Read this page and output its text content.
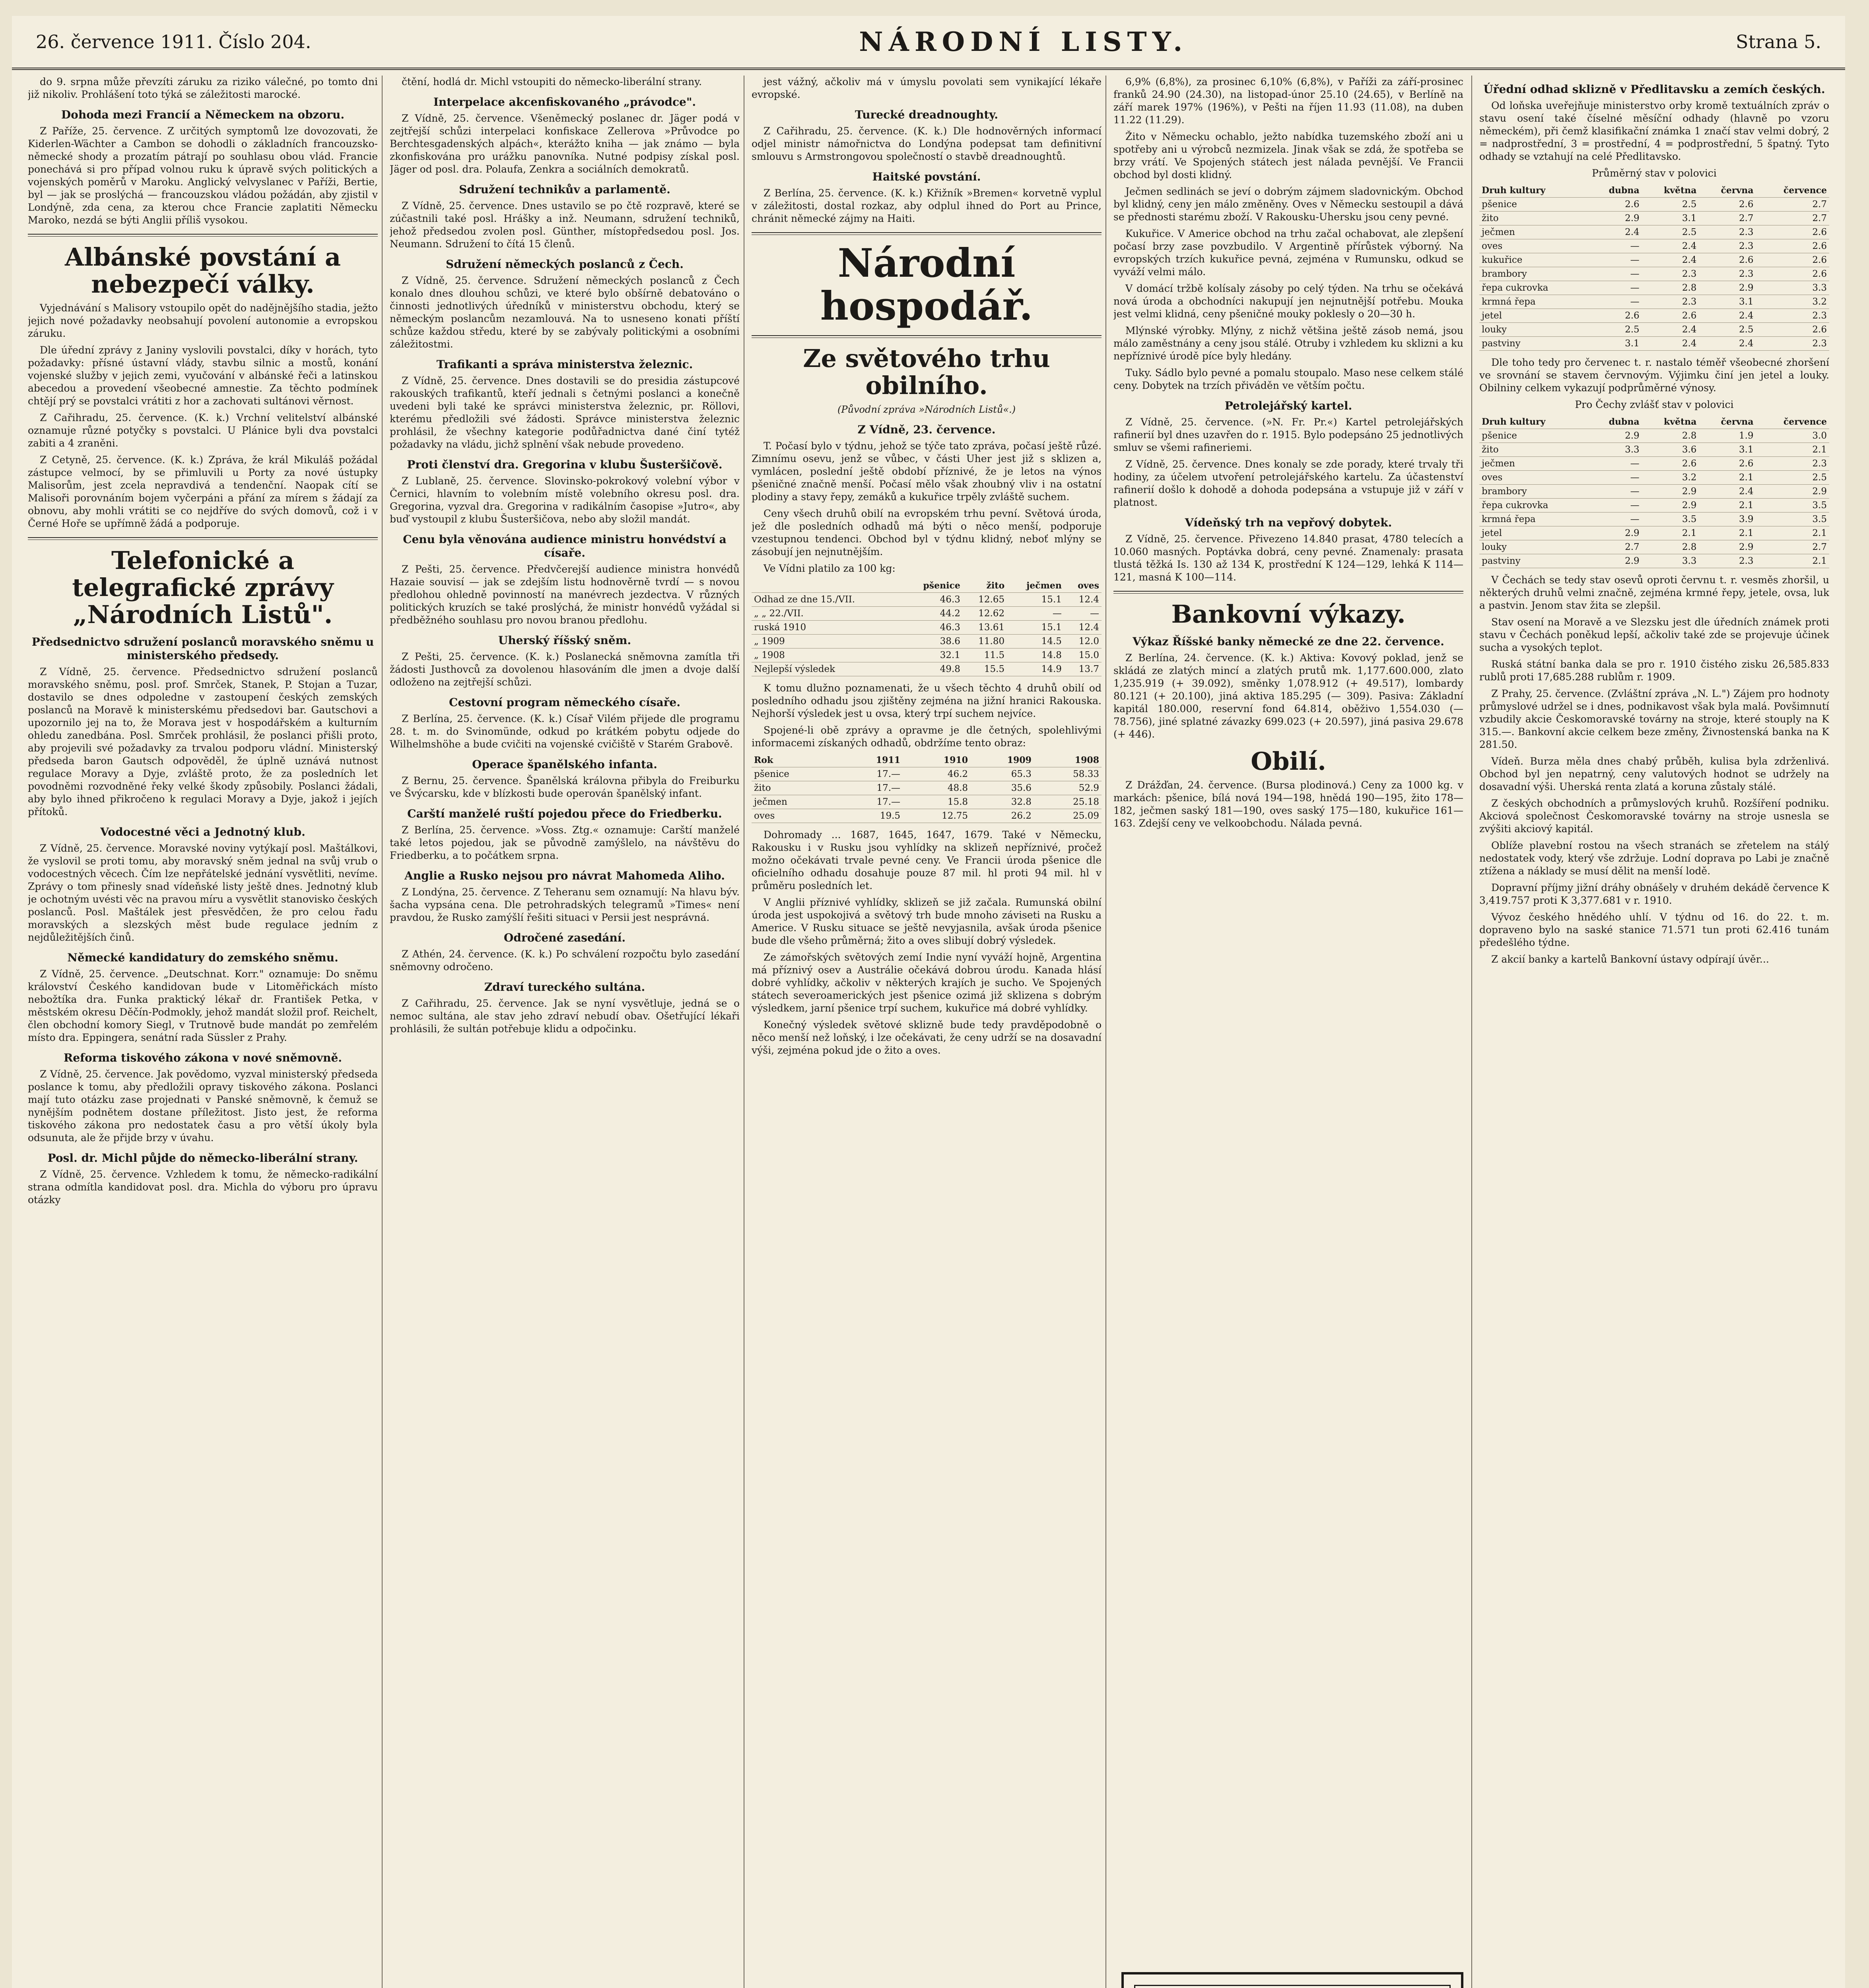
26. července 1911. Číslo 204.	NÁRODNÍ LISTY.	Strana 5.

do 9. srpna může převzíti záruku za riziko válečné, po tomto dni již nikoliv. Prohlášení toto týká se záležitosti marocké.

Dohoda mezi Francií a Německem na obzoru.

Z Paříže, 25. července. Z určitých symptomů lze dovozovati, že Kiderlen-Wächter a Cambon se dohodli o základních francouzsko-německé shody a prozatím pátrají po souhlasu obou vlád. Francie ponechává si pro případ volnou ruku k úpravě svých politických a vojenských poměrů v Maroku. Anglický velvyslanec v Paříži, Bertie, byl — jak se proslýchá — francouzskou vládou požádán, aby zjistil v Londýně, zda cena, za kterou chce Francie zaplatiti Německu Maroko, nezdá se býti Anglii příliš vysokou.

Albánské povstání a nebezpečí války.

Vyjednávání s Malisory vstoupilo opět do nadějnějšího stadia, ježto jejich nové požadavky neobsahují povolení autonomie a evropskou záruku.

Dle úřední zprávy z Janiny vyslovili povstalci, díky v horách, tyto požadavky: přísné ústavní vlády, stavbu silnic a mostů, konání vojenské služby v jejich zemi, vyučování v albánské řeči a latinskou abecedou a provedení všeobecné amnestie. Za těchto podmínek chtějí prý se povstalci vrátiti z hor a zachovati sultánovi věrnost.

Z Cařihradu, 25. července. (K. k.) Vrchní velitelství albánské oznamuje různé potyčky s povstalci. U Plánice byli dva povstalci zabiti a 4 zraněni.

Z Cetyně, 25. července. (K. k.) Zpráva, že král Mikuláš požádal zástupce velmocí, by se přimluvili u Porty za nové ústupky Malisorům, jest zcela nepravdivá a tendenční. Naopak cítí se Malisoři porovnáním bojem vyčerpáni a přání za mírem s žádají za obnovu, aby mohli vrátiti se co nejdříve do svých domovů, což i v Černé Hoře se upřímně žádá a podporuje.

Telefonické a telegrafické zprávy „Národních Listů".
Předsednictvo sdružení poslanců moravského sněmu u ministerského předsedy.

Z Vídně, 25. července. Předsednictvo sdružení poslanců moravského sněmu, posl. prof. Smrček, Stanek, P. Stojan a Tuzar, dostavilo se dnes odpoledne v zastoupení českých zemských poslanců na Moravě k ministerskému předsedovi bar. Gautschovi a upozornilo jej na to, že Morava jest v hospodářském a kulturním ohledu zanedbána. Posl. Smrček prohlásil, že poslanci přišli proto, aby projevili své požadavky za trvalou podporu vládní. Ministerský předseda baron Gautsch odpověděl, že úplně uznává nutnost regulace Moravy a Dyje, zvláště proto, že za posledních let povodněmi rozvodněné řeky velké škody způsobily. Poslanci žádali, aby bylo ihned přikročeno k regulaci Moravy a Dyje, jakož i jejích přítoků.

Vodocestné věci a Jednotný klub.

Z Vídně, 25. července. Moravské noviny vytýkají posl. Maštálkovi, že vyslovil se proti tomu, aby moravský sněm jednal na svůj vrub o vodocestných věcech. Čím lze nepřátelské jednání vysvětliti, nevíme. Zprávy o tom přinesly snad vídeňské listy ještě dnes. Jednotný klub je ochotným uvésti věc na pravou míru a vysvětlit stanovisko českých poslanců. Posl. Maštálek jest přesvědčen, že pro celou řadu moravských a slezských měst bude regulace jedním z nejdůležitějších činů.

Německé kandidatury do zemského sněmu.

Z Vídně, 25. července. „Deutschnat. Korr." oznamuje: Do sněmu království Českého kandidovan bude v Litoměřickách místo nebožtíka dra. Funka praktický lékař dr. František Petka, v městském okresu Děčín-Podmokly, jehož mandát složil prof. Reichelt, člen obchodní komory Siegl, v Trutnově bude mandát po zemřelém místo dra. Eppingera, senátní rada Süssler z Prahy.

Reforma tiskového zákona v nové sněmovně.

Z Vídně, 25. července. Jak povědomo, vyzval ministerský předseda poslance k tomu, aby předložili opravy tiskového zákona. Poslanci mají tuto otázku zase projednati v Panské sněmovně, k čemuž se nynějším podnětem dostane příležitost. Jisto jest, že reforma tiskového zákona pro nedostatek času a pro větší úkoly byla odsunuta, ale že přijde brzy v úvahu.

Posl. dr. Michl půjde do německo-liberální strany.

Z Vídně, 25. července. Vzhledem k tomu, že německo-radikální strana odmítla kandidovat posl. dra. Michla do výboru pro úpravu otázky

čtění, hodlá dr. Michl vstoupiti do německo-liberální strany.

Interpelace akcenfiskovaného „právodce".

Z Vídně, 25. července. Všeněmecký poslanec dr. Jäger podá v zejtřejší schůzi interpelaci konfiskace Zellerova »Průvodce po Berchtesgadenských alpách«, kterážto kniha — jak známo — byla zkonfiskována pro urážku panovníka. Nutné podpisy získal posl. Jäger od posl. dra. Polaufa, Zenkra a sociálních demokratů.

Sdružení technikův a parlamentě.

Z Vídně, 25. července. Dnes ustavilo se po čtě rozpravě, které se zúčastnili také posl. Hrášky a inž. Neumann, sdružení techniků, jehož předsedou zvolen posl. Günther, místopředsedou posl. Jos. Neumann. Sdružení to čítá 15 členů.

Sdružení německých poslanců z Čech.

Z Vídně, 25. července. Sdružení německých poslanců z Čech konalo dnes dlouhou schůzi, ve které bylo obšírně debatováno o činnosti jednotlivých úředníků v ministerstvu obchodu, který se německým poslancům nezamlouvá. Na to usneseno konati příští schůze každou středu, které by se zabývaly politickými a osobními záležitostmi.

Trafikanti a správa ministerstva železnic.

Z Vídně, 25. července. Dnes dostavili se do presidia zástupcové rakouských trafikantů, kteří jednali s četnými poslanci a konečně uvedeni byli také ke správci ministerstva železnic, pr. Röllovi, kterému předložili své žádosti. Správce ministerstva železnic prohlásil, že všechny kategorie podůřadnictva dané činí tytéž požadavky na vládu, jichž splnění však nebude provedeno.

Proti členství dra. Gregorina v klubu Šusteršičově.

Z Lublaně, 25. července. Slovinsko-pokrokový volební výbor v Černici, hlavním to volebním místě volebního okresu posl. dra. Gregorina, vyzval dra. Gregorina v radikálním časopise »Jutro«, aby buď vystoupil z klubu Šusteršičova, nebo aby složil mandát.

Cenu byla věnována audience ministru honvédství a císaře.

Z Pešti, 25. července. Předvčerejší audience ministra honvédů Hazaie souvisí — jak se zdejším listu hodnověrně tvrdí — s novou předlohou ohledně povinností na manévrech jezdectva. V různých politických kruzích se také proslýchá, že ministr honvédů vyžádal si předběžného souhlasu pro novou branou předlohu.

Uherský říšský sněm.

Z Pešti, 25. července. (K. k.) Poslanecká sněmovna zamítla tři žádosti Justhovců za dovolenou hlasováním dle jmen a dvoje další odloženo na zejtřejší schůzi.

Cestovní program německého císaře.

Z Berlína, 25. července. (K. k.) Císař Vilém přijede dle programu 28. t. m. do Svinomünde, odkud po krátkém pobytu odjede do Wilhelmshöhe a bude cvičiti na vojenské cvičiště v Starém Grabově.

Operace španělského infanta.

Z Bernu, 25. července. Španělská královna přibyla do Freiburku ve Švýcarsku, kde v blízkosti bude operován španělský infant.

Carští manželé ruští pojedou přece do Friedberku.

Z Berlína, 25. července. »Voss. Ztg.« oznamuje: Carští manželé také letos pojedou, jak se původně zamýšlelo, na návštěvu do Friedberku, a to počátkem srpna.

Anglie a Rusko nejsou pro návrat Mahomeda Aliho.

Z Londýna, 25. července. Z Teheranu sem oznamují: Na hlavu býv. šacha vypsána cena. Dle petrohradských telegramů »Times« není pravdou, že Rusko zamýšlí řešiti situaci v Persii jest nesprávná.

Odročené zasedání.

Z Athén, 24. července. (K. k.) Po schválení rozpočtu bylo zasedání sněmovny odročeno.

Zdraví tureckého sultána.

Z Cařihradu, 25. července. Jak se nyní vysvětluje, jedná se o nemoc sultána, ale stav jeho zdraví nebudí obav. Ošetřující lékaři prohlásili, že sultán potřebuje klidu a odpočinku.

jest vážný, ačkoliv má v úmyslu povolati sem vynikající lékaře evropské.

Turecké dreadnoughty.

Z Cařihradu, 25. července. (K. k.) Dle hodnověrných informací odjel ministr námořnictva do Londýna podepsat tam definitivní smlouvu s Armstrongovou společností o stavbě dreadnoughtů.

Haitské povstání.

Z Berlína, 25. července. (K. k.) Křižník »Bremen« korvetně vyplul v záležitosti, dostal rozkaz, aby odplul ihned do Port au Prince, chránit německé zájmy na Haiti.

Národní hospodář.
Ze světového trhu obilního.
(Původní zpráva »Národních Listů«.)
Z Vídně, 23. července.

T. Počasí bylo v týdnu, jehož se týče tato zpráva, počasí ještě růzé. Zimnímu osevu, jenž se vůbec, v části Uher jest již s sklizen a, vymlácen, poslední ještě období příznivé, že je letos na výnos pšeničné značně menší. Počasí mělo však zhoubný vliv i na ostatní plodiny a stavy řepy, zemáků a kukuřice trpěly zvláště suchem.

Ceny všech druhů obilí na evropském trhu pevní. Světová úroda, jež dle posledních odhadů má býti o něco menší, podporuje vzestupnou tendenci. Obchod byl v týdnu klidný, neboť mlýny se zásobují jen nejnutnějším.

Ve Vídni platilo za 100 kg:

	pšenice	žito	ječmen	oves
Odhad ze dne 15./VII.	46.3	12.65	15.1	12.4
„ „ 22./VII.	44.2	12.62	—	—
ruská 1910	46.3	13.61	15.1	12.4
„ 1909	38.6	11.80	14.5	12.0
„ 1908	32.1	11.5	14.8	15.0
Nejlepší výsledek	49.8	15.5	14.9	13.7

K tomu dlužno poznamenati, že u všech těchto 4 druhů obilí od posledního odhadu jsou zjištěny zejména na jižní hranici Rakouska. Nejhorší výsledek jest u ovsa, který trpí suchem nejvíce.

Spojené-li obě zprávy a opravme je dle četných, spolehlivými informacemi získaných odhadů, obdržíme tento obraz:

Rok	1911	1910	1909	1908
pšenice	17.—	46.2	65.3	58.33
žito	17.—	48.8	35.6	52.9
ječmen	17.—	15.8	32.8	25.18
oves	19.5	12.75	26.2	25.09

Dohromady ... 1687, 1645, 1647, 1679. Také v Německu, Rakousku i v Rusku jsou vyhlídky na sklizeň nepříznivé, pročež možno očekávati trvale pevné ceny. Ve Francii úroda pšenice dle oficielního odhadu dosahuje pouze 87 mil. hl proti 94 mil. hl v průměru posledních let.

V Anglii příznivé vyhlídky, sklizeň se již začala. Rumunská obilní úroda jest uspokojivá a světový trh bude mnoho záviseti na Rusku a Americe. V Rusku situace se ještě nevyjasnila, avšak úroda pšenice bude dle všeho průměrná; žito a oves slibují dobrý výsledek.

Ze zámořských světových zemí Indie nyní vyváží hojně, Argentina má příznivý osev a Austrálie očekává dobrou úrodu. Kanada hlásí dobré vyhlídky, ačkoliv v některých krajích je sucho. Ve Spojených státech severoamerických jest pšenice ozimá již sklizena s dobrým výsledkem, jarní pšenice trpí suchem, kukuřice má dobré vyhlídky.

Konečný výsledek světové sklizně bude tedy pravděpodobně o něco menší než loňský, i lze očekávati, že ceny udrží se na dosavadní výši, zejména pokud jde o žito a oves.

6,9% (6,8%), za prosinec 6,10% (6,8%), v Paříži za září-prosinec franků 24.90 (24.30), na listopad-únor 25.10 (24.65), v Berlíně na září marek 197% (196%), v Pešti na říjen 11.93 (11.08), na duben 11.22 (11.29).

Žito v Německu ochablo, ježto nabídka tuzemského zboží ani u spotřeby ani u výrobců nezmizela. Jinak však se zdá, že spotřeba se brzy vrátí. Ve Spojených státech jest nálada pevnější. Ve Francii obchod byl dosti klidný.

Ječmen sedlinách se jeví o dobrým zájmem sladovnickým. Obchod byl klidný, ceny jen málo změněny. Oves v Německu sestoupil a dává se přednosti starému zboží. V Rakousku-Uhersku jsou ceny pevné.

Kukuřice. V Americe obchod na trhu začal ochabovat, ale zlepšení počasí brzy zase povzbudilo. V Argentině přírůstek výborný. Na evropských trzích kukuřice pevná, zejména v Rumunsku, odkud se vyváží velmi málo.

V domácí tržbě kolísaly zásoby po celý týden. Na trhu se očekává nová úroda a obchodníci nakupují jen nejnutnější potřebu. Mouka jest velmi klidná, ceny pšeničné mouky poklesly o 20—30 h.

Mlýnské výrobky. Mlýny, z nichž většina ještě zásob nemá, jsou málo zaměstnány a ceny jsou stálé. Otruby i vzhledem ku sklizni a ku nepříznivé úrodě píce byly hledány.

Tuky. Sádlo bylo pevné a pomalu stoupalo. Maso nese celkem stálé ceny. Dobytek na trzích přiváděn ve větším počtu.

Petrolejářský kartel.

Z Vídně, 25. července. (»N. Fr. Pr.«) Kartel petrolejářských rafinerií byl dnes uzavřen do r. 1915. Bylo podepsáno 25 jednotlivých smluv se všemi rafineriemi.

Z Vídně, 25. července. Dnes konaly se zde porady, které trvaly tři hodiny, za účelem utvoření petrolejářského kartelu. Za účastenství rafinerií došlo k dohodě a dohoda podepsána a vstupuje již v září v platnost.

Vídeňský trh na vepřový dobytek.

Z Vídně, 25. července. Přivezeno 14.840 prasat, 4780 telecích a 10.060 masných. Poptávka dobrá, ceny pevné. Znamenaly: prasata tlustá těžká Is. 130 až 134 K, prostřední K 124—129, lehká K 114—121, masná K 100—114.

Bankovní výkazy.
Výkaz Říšské banky německé ze dne 22. července.

Z Berlína, 24. července. (K. k.) Aktiva: Kovový poklad, jenž se skládá ze zlatých mincí a zlatých prutů mk. 1,177.600.000, zlato 1,235.919 (+ 39.092), směnky 1,078.912 (+ 49.517), lombardy 80.121 (+ 20.100), jiná aktiva 185.295 (— 309). Pasiva: Základní kapitál 180.000, reservní fond 64.814, oběživo 1,554.030 (— 78.756), jiné splatné závazky 699.023 (+ 20.597), jiná pasiva 29.678 (+ 446).

Obilí.

Z Drážďan, 24. července. (Bursa plodinová.) Ceny za 1000 kg. v markách: pšenice, bílá nová 194—198, hnědá 190—195, žito 178—182, ječmen saský 181—190, oves saský 175—180, kukuřice 161—163. Zdejší ceny ve velkoobchodu. Nálada pevná.

Úřední odhad sklizně v Předlitavsku a zemích českých.

Od loňska uveřejňuje ministerstvo orby kromě textuálních zpráv o stavu osení také číselné měsíční odhady (hlavně po vzoru německém), při čemž klasifikační známka 1 značí stav velmi dobrý, 2 = nadprostřední, 3 = prostřední, 4 = podprostřední, 5 špatný. Tyto odhady se vztahují na celé Předlitavsko.

Průměrný stav v polovici

Druh kultury	dubna	května	června	července
pšenice	2.6	2.5	2.6	2.7
žito	2.9	3.1	2.7	2.7
ječmen	2.4	2.5	2.3	2.6
oves	—	2.4	2.3	2.6
kukuřice	—	2.4	2.6	2.6
brambory	—	2.3	2.3	2.6
řepa cukrovka	—	2.8	2.9	3.3
krmná řepa	—	2.3	3.1	3.2
jetel	2.6	2.6	2.4	2.3
louky	2.5	2.4	2.5	2.6
pastviny	3.1	2.4	2.4	2.3

Dle toho tedy pro červenec t. r. nastalo téměř všeobecné zhoršení ve srovnání se stavem červnovým. Výjimku činí jen jetel a louky. Obilniny celkem vykazují podprůměrné výnosy.

Pro Čechy zvlášť stav v polovici

Druh kultury	dubna	května	června	července
pšenice	2.9	2.8	1.9	3.0
žito	3.3	3.6	3.1	2.1
ječmen	—	2.6	2.6	2.3
oves	—	3.2	2.1	2.5
brambory	—	2.9	2.4	2.9
řepa cukrovka	—	2.9	2.1	3.5
krmná řepa	—	3.5	3.9	3.5
jetel	2.9	2.1	2.1	2.1
louky	2.7	2.8	2.9	2.7
pastviny	2.9	3.3	2.3	2.1

V Čechách se tedy stav osevů oproti červnu t. r. vesměs zhoršil, u některých druhů velmi značně, zejména krmné řepy, jetele, ovsa, luk a pastvin. Jenom stav žita se zlepšil.

Stav osení na Moravě a ve Slezsku jest dle úředních známek proti stavu v Čechách poněkud lepší, ačkoliv také zde se projevuje účinek sucha a vysokých teplot.

Ruská státní banka dala se pro r. 1910 čistého zisku 26,585.833 rublů proti 17,685.288 rublům r. 1909.

Z Prahy, 25. července. (Zvláštní zpráva „N. L.") Zájem pro hodnoty průmyslové udržel se i dnes, podnikavost však byla malá. Povšimnutí vzbudily akcie Českomoravské továrny na stroje, které stouply na K 315.—. Bankovní akcie celkem beze změny, Živnostenská banka na K 281.50.

Vídeň. Burza měla dnes chabý průběh, kulisa byla zdrženlivá. Obchod byl jen nepatrný, ceny valutových hodnot se udržely na dosavadní výši. Uherská renta zlatá a koruna zůstaly stálé.

Z českých obchodních a průmyslových kruhů. Rozšíření podniku. Akciová společnost Českomoravské továrny na stroje usnesla se zvýšiti akciový kapitál.

Oblíže plavební rostou na všech stranách se zřetelem na stálý nedostatek vody, který vše zdržuje. Lodní doprava po Labi je značně ztížena a náklady se musí dělit na menší lodě.

Dopravní příjmy jižní dráhy obnášely v druhém dekádě července K 3,419.757 proti K 3,377.681 v r. 1910.

Vývoz českého hnědého uhlí. V týdnu od 16. do 22. t. m. dopraveno bylo na saské stanice 71.571 tun proti 62.416 tunám předešlého týdne.

Z akcií banky a kartelů Bankovní ústavy odpírají úvěr...
